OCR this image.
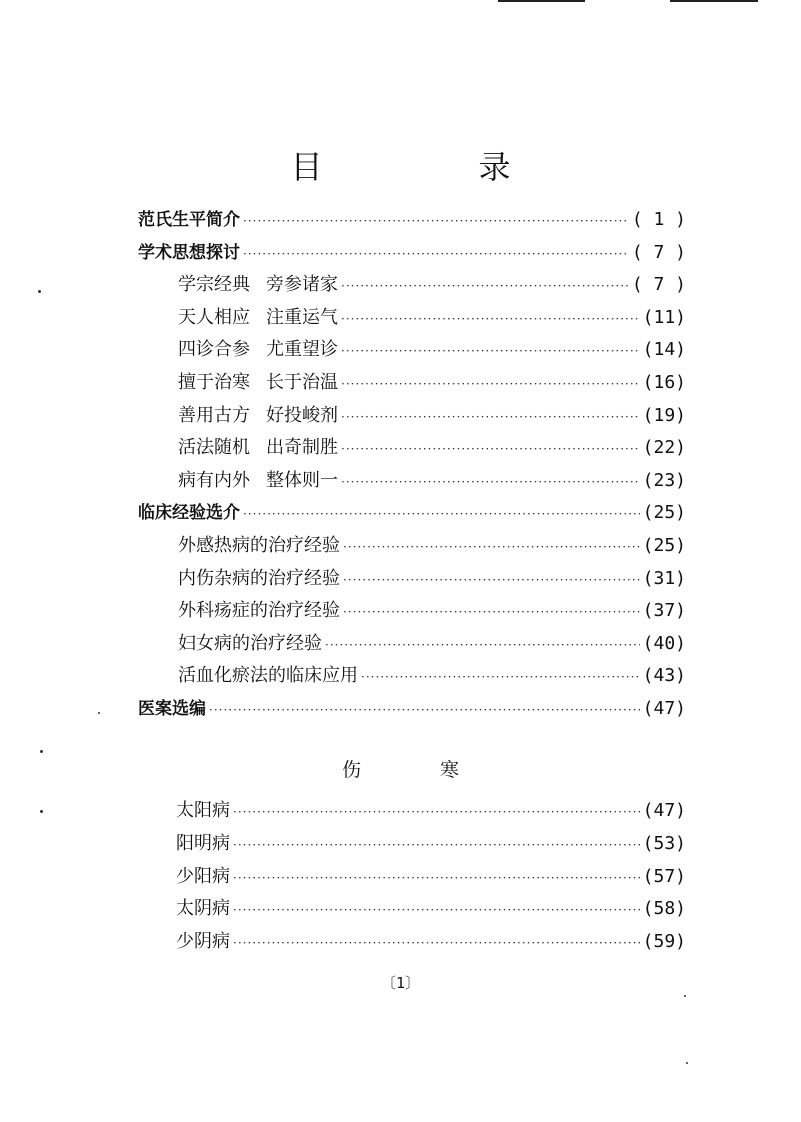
目　录
范氏生平简介 ·····	( 1 )
学术思想探讨 ·····	( 7 )
学宗经典 旁参诸家 ·····	( 7 )
天人相应 注重运气 ·····	(11)
四诊合参 尤重望诊 ·····	(14)
擅于治寒 长于治温 ·····	(16)
善用古方 好投峻剂 ·····	(19)
活法随机 出奇制胜 ·····	(22)
病有内外 整体则一 ·····	(23)
临床经验选介 ·····	(25)
外感热病的治疗经验 ·····	(25)
内伤杂病的治疗经验 ·····	(31)
外科疡症的治疗经验 ·····	(37)
妇女病的治疗经验 ·····	(40)
活血化瘀法的临床应用 ·····	(43)
医案选编 ·····	(47)
伤　寒
太阳病 ·····	(47)
阳明病 ·····	(53)
少阳病 ·····	(57)
太阴病 ·····	(58)
少阴病 ·····	(59)
〔1〕
